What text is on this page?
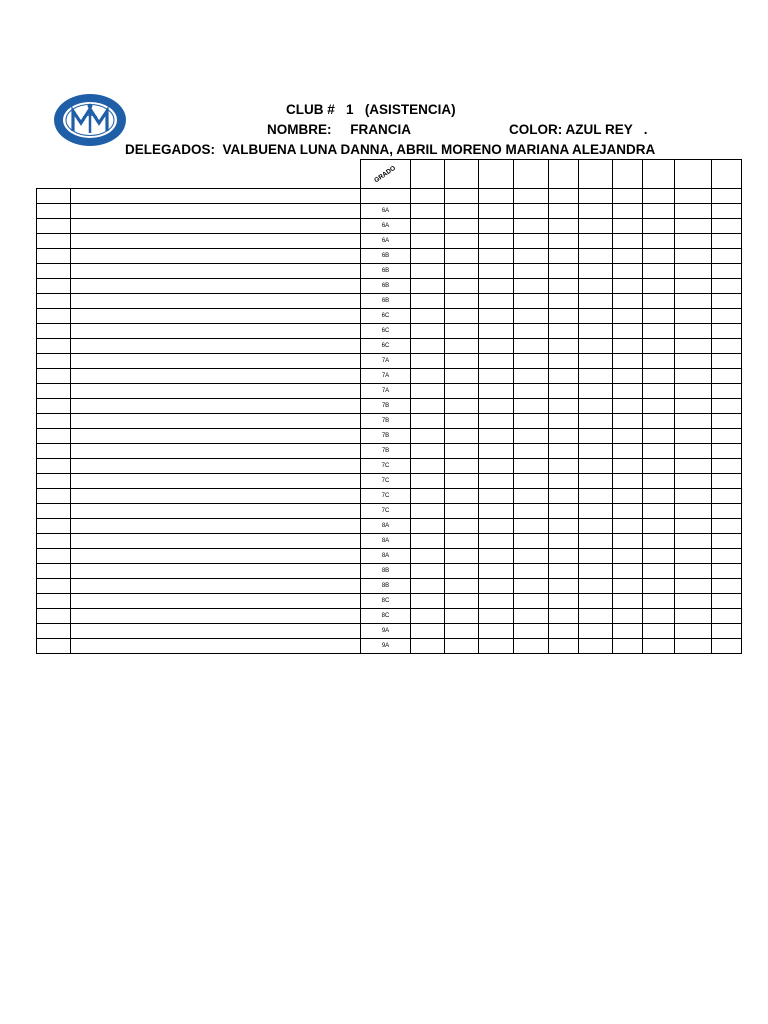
CLUB # 1 (ASISTENCIA)
NOMBRE: FRANCIA	COLOR: AZUL REY .
DELEGADOS: VALBUENA LUNA DANNA, ABRIL MORENO MARIANA ALEJANDRA
		GRADO										

		6A										
		6A										
		6A										
		6B										
		6B										
		6B										
		6B										
		6C										
		6C										
		6C										
		7A										
		7A										
		7A										
		7B										
		7B										
		7B										
		7B										
		7C										
		7C										
		7C										
		7C										
		8A										
		8A										
		8A										
		8B										
		8B										
		8C										
		8C										
		9A										
		9A										
